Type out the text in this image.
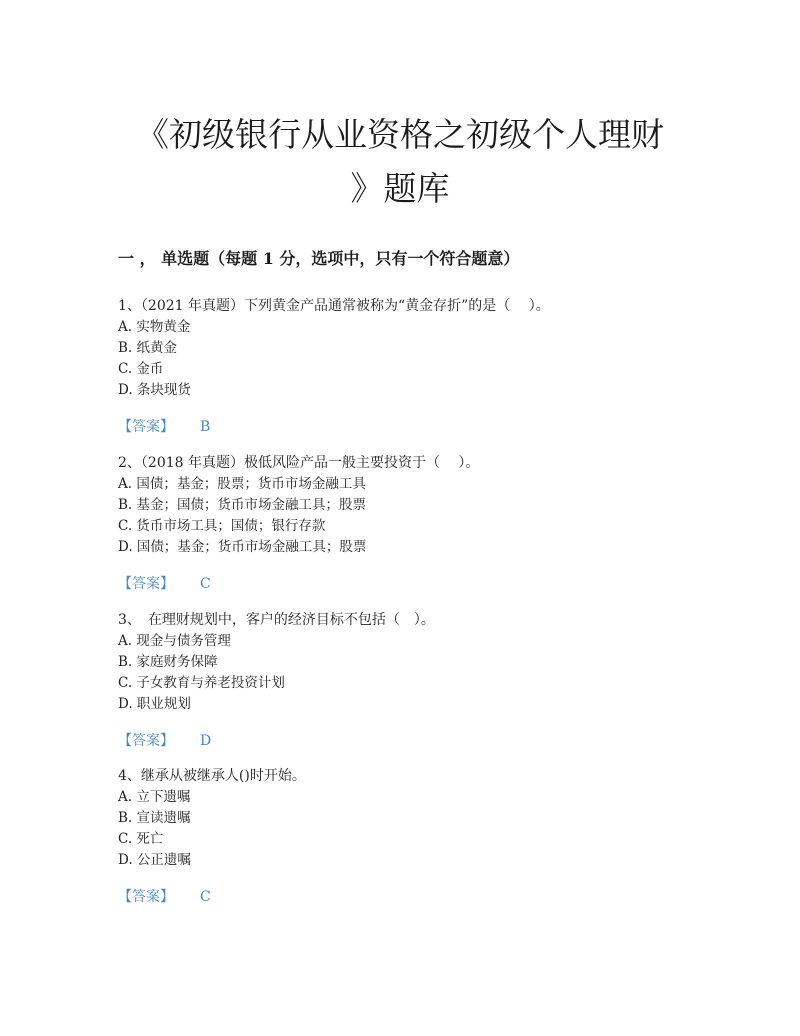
《初级银行从业资格之初级个人理财
》题库
一 ， 单选题（每题 1 分，选项中，只有一个符合题意）
1、（2021 年真题）下列黄金产品通常被称为“黄金存折”的是（　 ）。
A. 实物黄金
B. 纸黄金
C. 金币
D. 条块现货
【答案】 B
2、（2018 年真题）极低风险产品一般主要投资于（　 ）。
A. 国债；基金；股票；货币市场金融工具
B. 基金；国债；货币市场金融工具；股票
C. 货币市场工具；国债；银行存款
D. 国债；基金；货币市场金融工具；股票
【答案】 C
3、　在理财规划中，客户的经济目标不包括（　）。
A. 现金与债务管理
B. 家庭财务保障
C. 子女教育与养老投资计划
D. 职业规划
【答案】 D
4、继承从被继承人()时开始。
A. 立下遗嘱
B. 宣读遗嘱
C. 死亡
D. 公正遗嘱
【答案】 C
